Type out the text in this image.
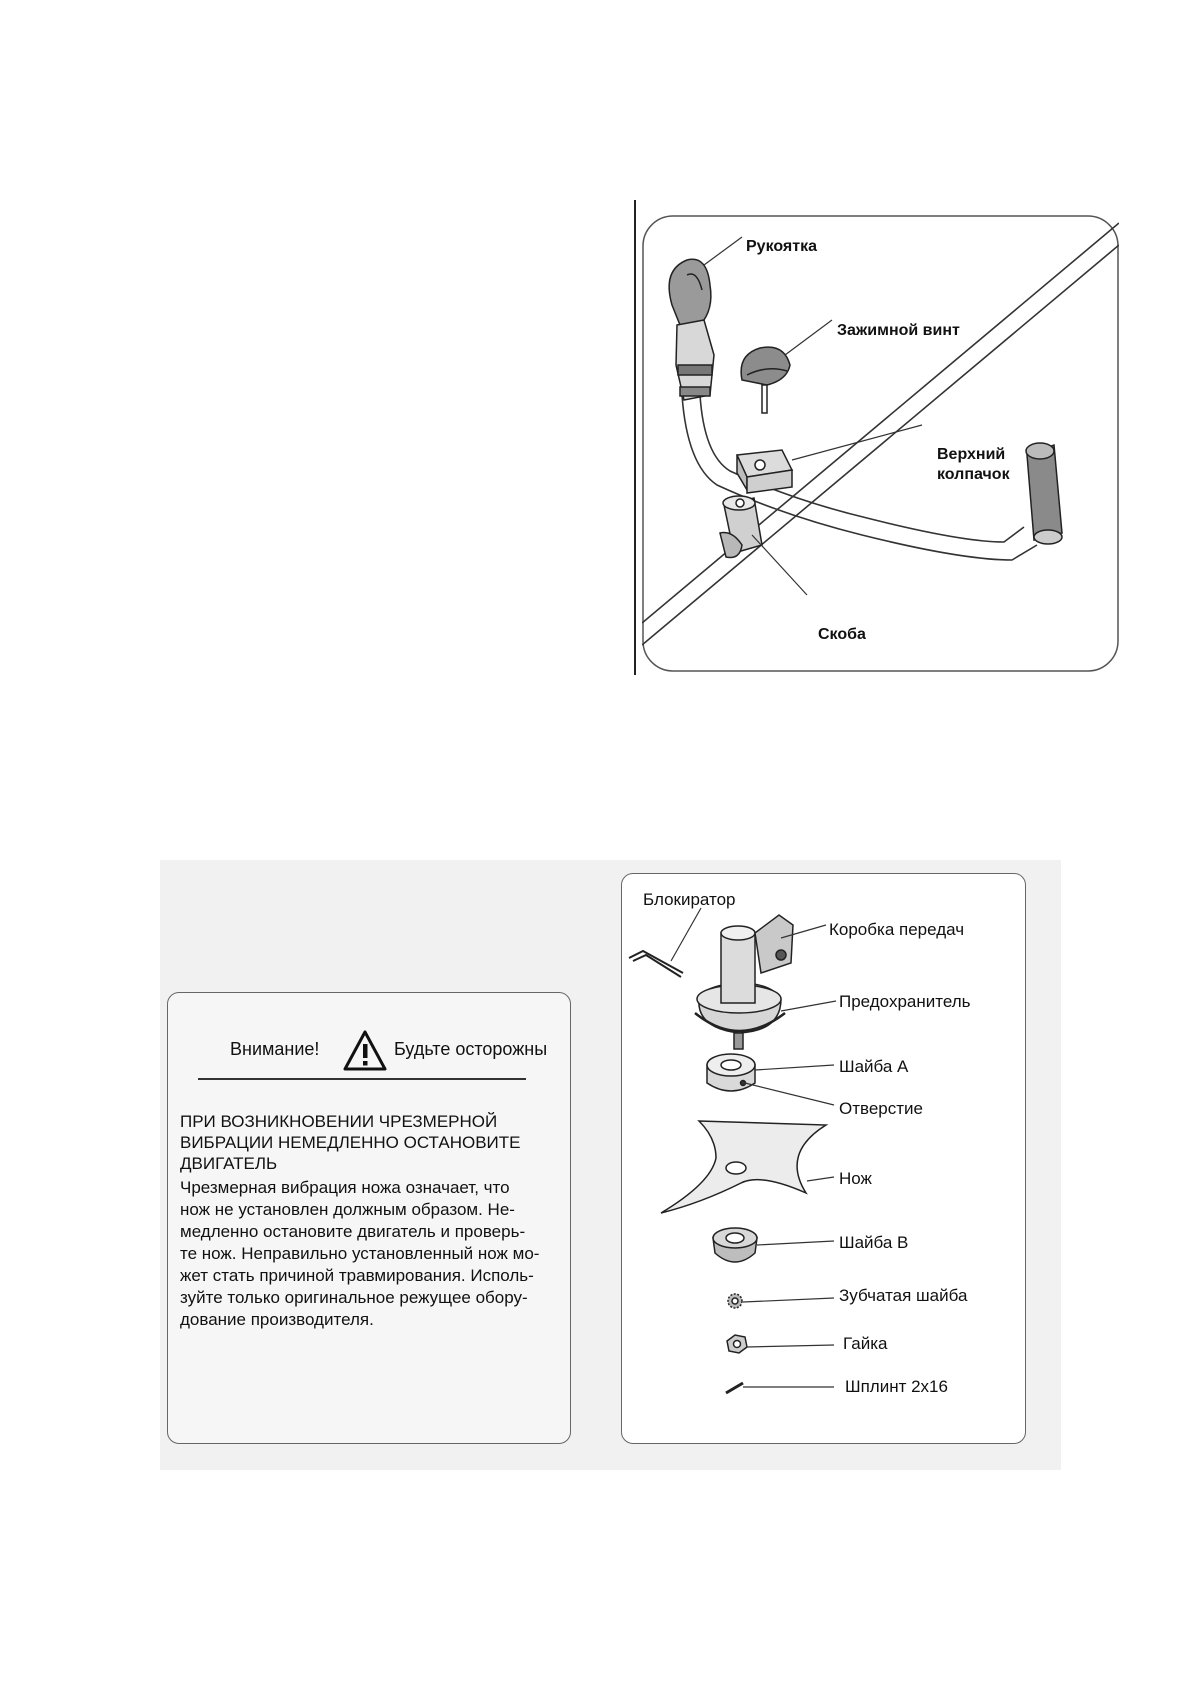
Рукоятка
Зажимной винт
Верхний
колпачок
Скоба
Внимание!	Будьте осторожны
ПРИ ВОЗНИКНОВЕНИИ ЧРЕЗМЕРНОЙ
ВИБРАЦИИ НЕМЕДЛЕННО ОСТАНОВИТЕ
ДВИГАТЕЛЬ
Чрезмерная вибрация ножа означает, что
нож не установлен должным образом. Не-
медленно остановите двигатель и проверь-
те нож. Неправильно установленный нож мо-
жет стать причиной травмирования. Исполь-
зуйте только оригинальное режущее обору-
дование производителя.
Блокиратор
Коробка передач
Предохранитель
Шайба А
Отверстие
Нож
Шайба В
Зубчатая шайба
Гайка
Шплинт 2х16
